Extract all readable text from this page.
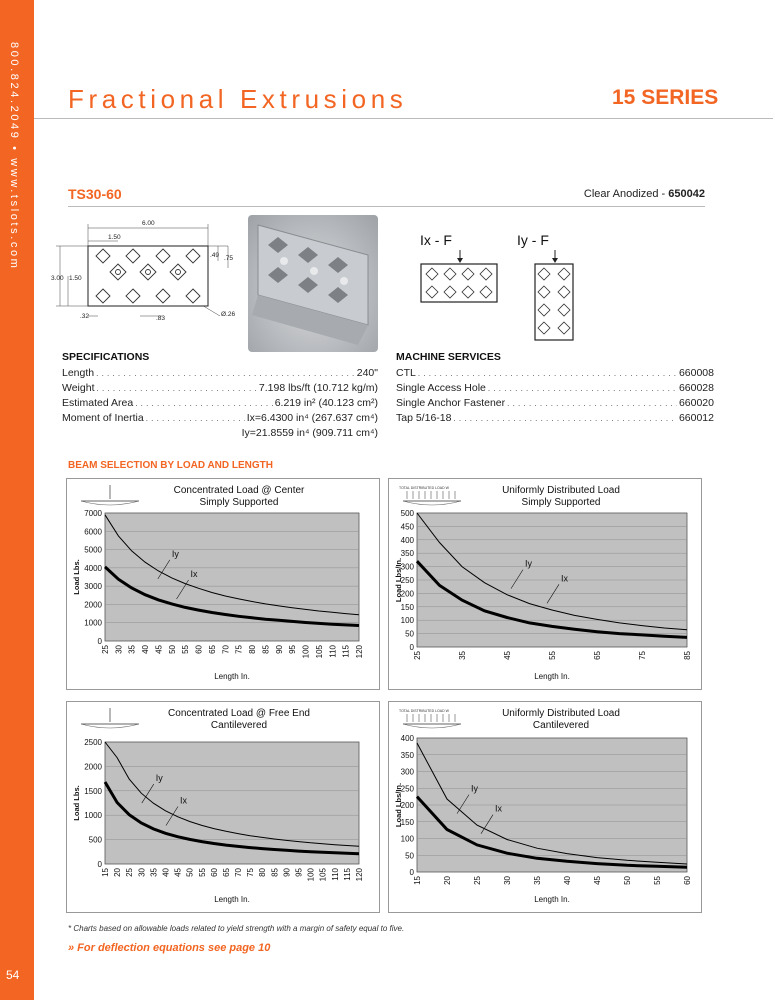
800.824.2049 • www.tslots.com
54
Fractional Extrusions	15 SERIES
TS30-60	Clear Anodized - 650042
6.00
1.50
3.00 1.50
.49 .75
.32	.83
Ø.26
Ix - F	Iy - F
SPECIFICATIONS
Length . . .	240"
Weight . . .	7.198 lbs/ft (10.712 kg/m)
Estimated Area . . .	6.219 in² (40.123 cm²)
Moment of Inertia . . .	Ix=6.4300 in⁴ (267.637 cm⁴)
Iy=21.8559 in⁴ (909.711 cm⁴)
MACHINE SERVICES
CTL . . .	660008
Single Access Hole . . .	660028
Single Anchor Fastener . . .	660020
Tap 5/16-18 . . .	660012
BEAM SELECTION BY LOAD AND LENGTH
Concentrated Load @ Center
Simply Supported
0
1000
2000
3000
4000
5000
6000
7000
25 30 35 40 45 50 55 60 65 70 75 80 85 90 95 100 105 110 115 120
Load Lbs.
Length In.
Iy
Ix
TOTAL DISTRIBUTED LOAD W	Uniformly Distributed Load
Simply Supported
0
50
100
150
200
250
300
350
400
450
500
25	35	45	55	65	75	85
Load Lbs/In.
Length In.
Iy
Ix
Concentrated Load @ Free End
Cantilevered
0
500
1000
1500
2000
2500
15 20 25 30 35 40 45 50 55 60 65 70 75 80 85 90 95 100 105 110 115 120
Load Lbs.
Length In.
Iy
Ix
TOTAL DISTRIBUTED LOAD W	Uniformly Distributed Load
Cantilevered
0
50
100
150
200
250
300
350
400
15	20	25	30	35	40	45	50	55	60
Load Lbs/In.
Length In.
Iy
Ix
* Charts based on allowable loads related to yield strength with a margin of safety equal to five.
» For deflection equations see page 10
